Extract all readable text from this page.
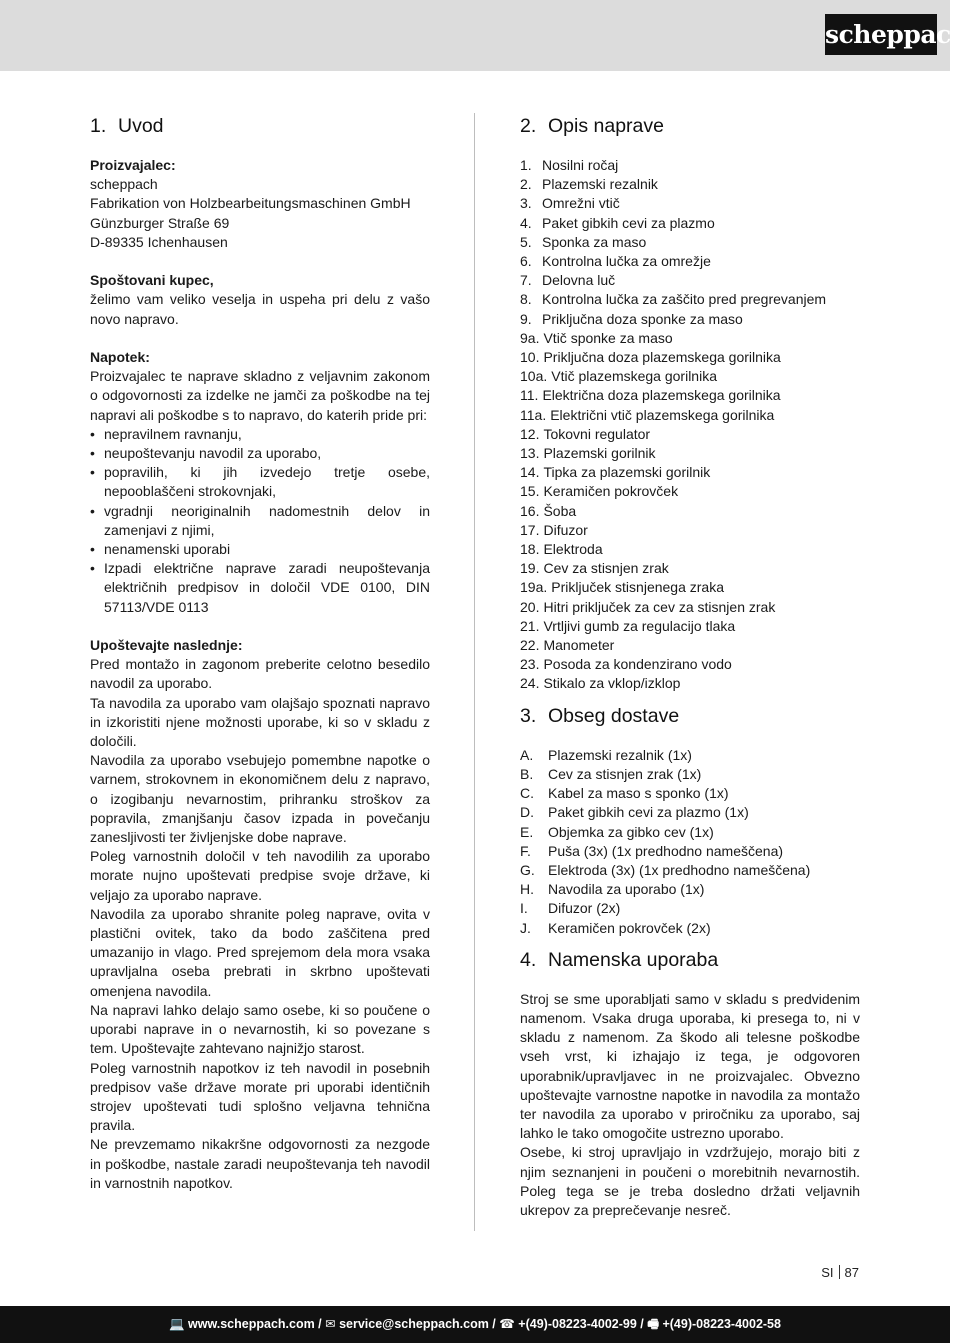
scheppach
1. Uvod

Proizvajalec:

scheppach

Fabrikation von Holzbearbeitungsmaschinen GmbH

Günzburger Straße 69

D-89335 Ichenhausen

Spoštovani kupec,

želimo vam veliko veselja in uspeha pri delu z vašo novo napravo.

Napotek:

Proizvajalec te naprave skladno z veljavnim zakonom o odgovornosti za izdelke ne jamči za poškodbe na tej napravi ali poškodbe s to napravo, do katerih pride pri:

• nepravilnem ravnanju,
• neupoštevanju navodil za uporabo,
• popravilih, ki jih izvedejo tretje osebe, nepooblaščeni strokovnjaki,
• vgradnji neoriginalnih nadomestnih delov in zamenjavi z njimi,
• nenamenski uporabi
• Izpadi električne naprave zaradi neupoštevanja električnih predpisov in določil VDE 0100, DIN 57113/VDE 0113

Upoštevajte naslednje:

Pred montažo in zagonom preberite celotno besedilo navodil za uporabo.

Ta navodila za uporabo vam olajšajo spoznati napravo in izkoristiti njene možnosti uporabe, ki so v skladu z določili.

Navodila za uporabo vsebujejo pomembne napotke o varnem, strokovnem in ekonomičnem delu z napravo, o izogibanju nevarnostim, prihranku stroškov za popravila, zmanjšanju časov izpada in povečanju zanesljivosti ter življenjske dobe naprave.

Poleg varnostnih določil v teh navodilih za uporabo morate nujno upoštevati predpise svoje države, ki veljajo za uporabo naprave.

Navodila za uporabo shranite poleg naprave, ovita v plastični ovitek, tako da bodo zaščitena pred umazanijo in vlago. Pred sprejemom dela mora vsaka upravljalna oseba prebrati in skrbno upoštevati omenjena navodila.

Na napravi lahko delajo samo osebe, ki so poučene o uporabi naprave in o nevarnostih, ki so povezane s tem. Upoštevajte zahtevano najnižjo starost.

Poleg varnostnih napotkov iz teh navodil in posebnih predpisov vaše države morate pri uporabi identičnih strojev upoštevati tudi splošno veljavna tehnična pravila.

Ne prevzemamo nikakršne odgovornosti za nezgode in poškodbe, nastale zaradi neupoštevanja teh navodil in varnostnih napotkov.

2. Opis naprave
1. Nosilni ročaj
2. Plazemski rezalnik
3. Omrežni vtič
4. Paket gibkih cevi za plazmo
5. Sponka za maso
6. Kontrolna lučka za omrežje
7. Delovna luč
8. Kontrolna lučka za zaščito pred pregrevanjem
9. Priključna doza sponke za maso
9a. Vtič sponke za maso
10. Priključna doza plazemskega gorilnika
10a. Vtič plazemskega gorilnika
11. Električna doza plazemskega gorilnika
11a. Električni vtič plazemskega gorilnika
12. Tokovni regulator
13. Plazemski gorilnik
14. Tipka za plazemski gorilnik
15. Keramičen pokrovček
16. Šoba
17. Difuzor
18. Elektroda
19. Cev za stisnjen zrak
19a. Priključek stisnjenega zraka
20. Hitri priključek za cev za stisnjen zrak
21. Vrtljivi gumb za regulacijo tlaka
22. Manometer
23. Posoda za kondenzirano vodo
24. Stikalo za vklop/izklop
3. Obseg dostave
A.	Plazemski rezalnik (1x)
B.	Cev za stisnjen zrak (1x)
C.	Kabel za maso s sponko (1x)
D.	Paket gibkih cevi za plazmo (1x)
E.	Objemka za gibko cev (1x)
F.	Puša (3x) (1x predhodno nameščena)
G. Elektroda (3x) (1x predhodno nameščena)
H.	Navodila za uporabo (1x)
I.	Difuzor (2x)
J.	Keramičen pokrovček (2x)
4. Namenska uporaba

Stroj se sme uporabljati samo v skladu s predvidenim namenom. Vsaka druga uporaba, ki presega to, ni v skladu z namenom. Za škodo ali telesne poškodbe vseh vrst, ki izhajajo iz tega, je odgovoren uporabnik/upravljavec in ne proizvajalec. Obvezno upoštevajte varnostne napotke in navodila za montažo ter navodila za uporabo v priročniku za uporabo, saj lahko le tako omogočite ustrezno uporabo.

Osebe, ki stroj upravljajo in vzdržujejo, morajo biti z njim seznanjeni in poučeni o morebitnih nevarnostih. Poleg tega se je treba dosledno držati veljavnih ukrepov za preprečevanje nesreč.

SI 87
💻 www.scheppach.com / ✉ service@scheppach.com / ☎ +(49)-08223-4002-99 / 🖷 +(49)-08223-4002-58
